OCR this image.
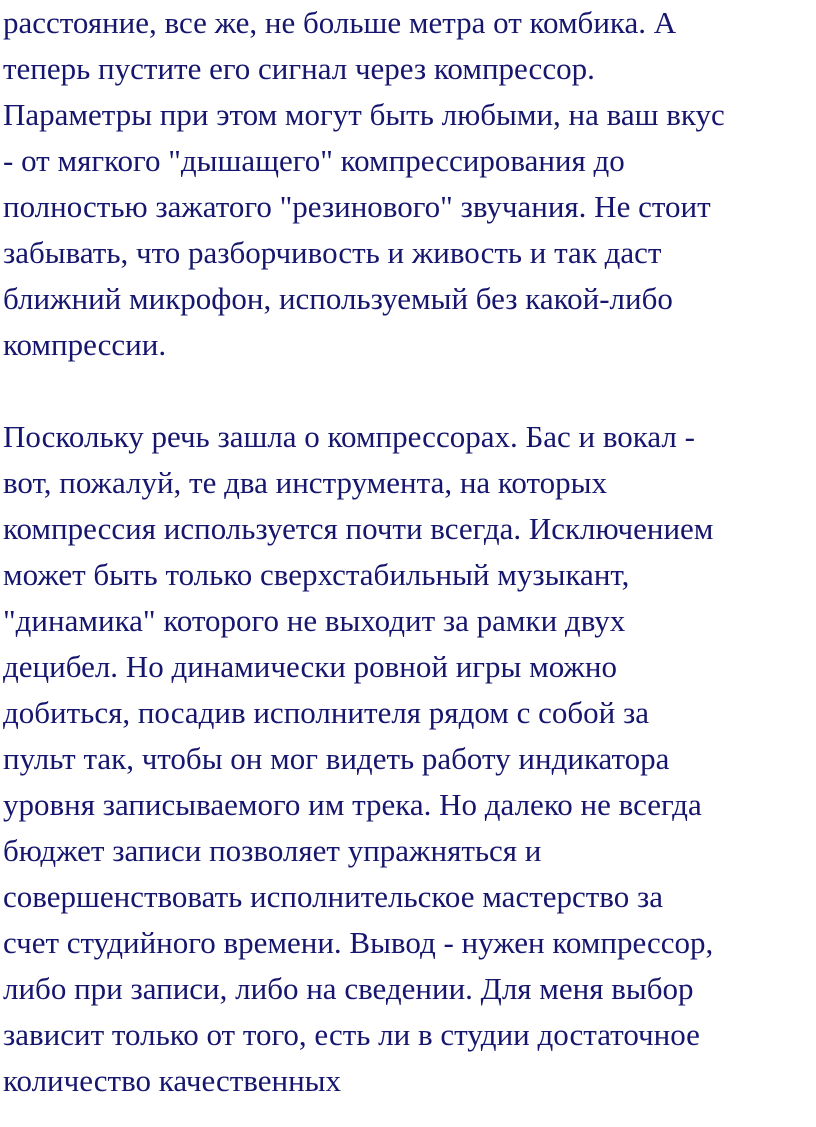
расстояние, все же, не больше метра от комбика. А
теперь пустите его сигнал через компрессор.
Параметры при этом могут быть любыми, на ваш вкус
- от мягкого "дышащего" компрессирования до
полностью зажатого "резинового" звучания. Не стоит
забывать, что разборчивость и живость и так даст
ближний микрофон, используемый без какой-либо
компрессии.
Поскольку речь зашла о компрессорах. Бас и вокал -
вот, пожалуй, те два инструмента, на которых
компрессия используется почти всегда. Исключением
может быть только сверхстабильный музыкант,
"динамика" которого не выходит за рамки двух
децибел. Но динамически ровной игры можно
добиться, посадив исполнителя рядом с собой за
пульт так, чтобы он мог видеть работу индикатора
уровня записываемого им трека. Но далеко не всегда
бюджет записи позволяет упражняться и
совершенствовать исполнительское мастерство за
счет студийного времени. Вывод - нужен компрессор,
либо при записи, либо на сведении. Для меня выбор
зависит только от того, есть ли в студии достаточное
количество качественных
